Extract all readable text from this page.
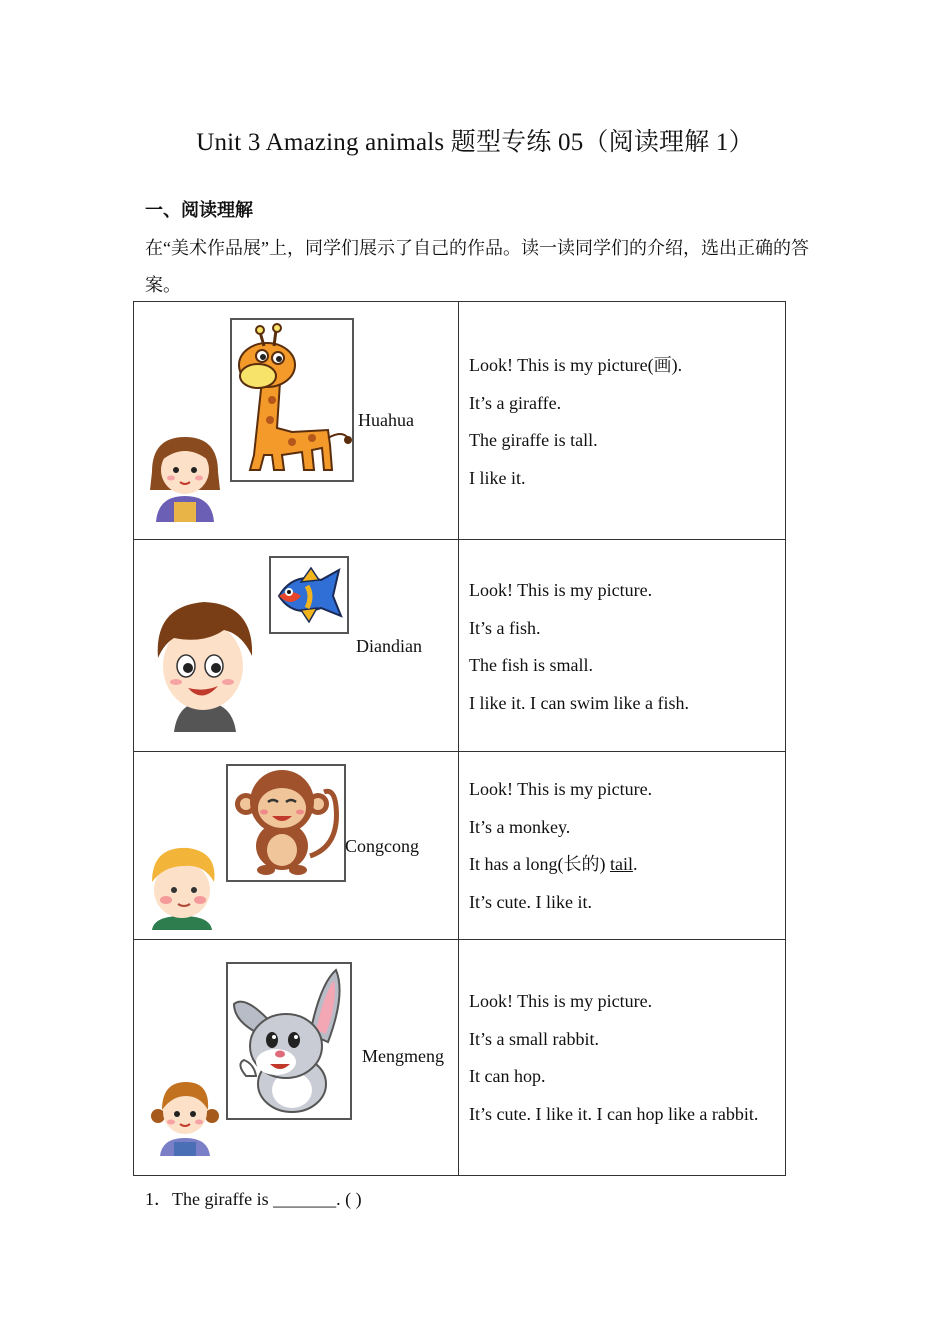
Unit 3 Amazing animals 题型专练 05（阅读理解 1）
一、阅读理解
在“美术作品展”上，同学们展示了自己的作品。读一读同学们的介绍，选出正确的答案。
Huahua	Look! This is my picture(画).
It’s a giraffe.
The giraffe is tall.
I like it.

Diandian	Look! This is my picture.
It’s a fish.
The fish is small.
I like it. I can swim like a fish.

Congcong	Look! This is my picture.
It’s a monkey.
It has a long(长的) tail.
It’s cute. I like it.

Mengmeng	Look! This is my picture.
It’s a small rabbit.
It can hop.
It’s cute. I like it. I can hop like a rabbit.
1．The giraffe is _______. ( )
